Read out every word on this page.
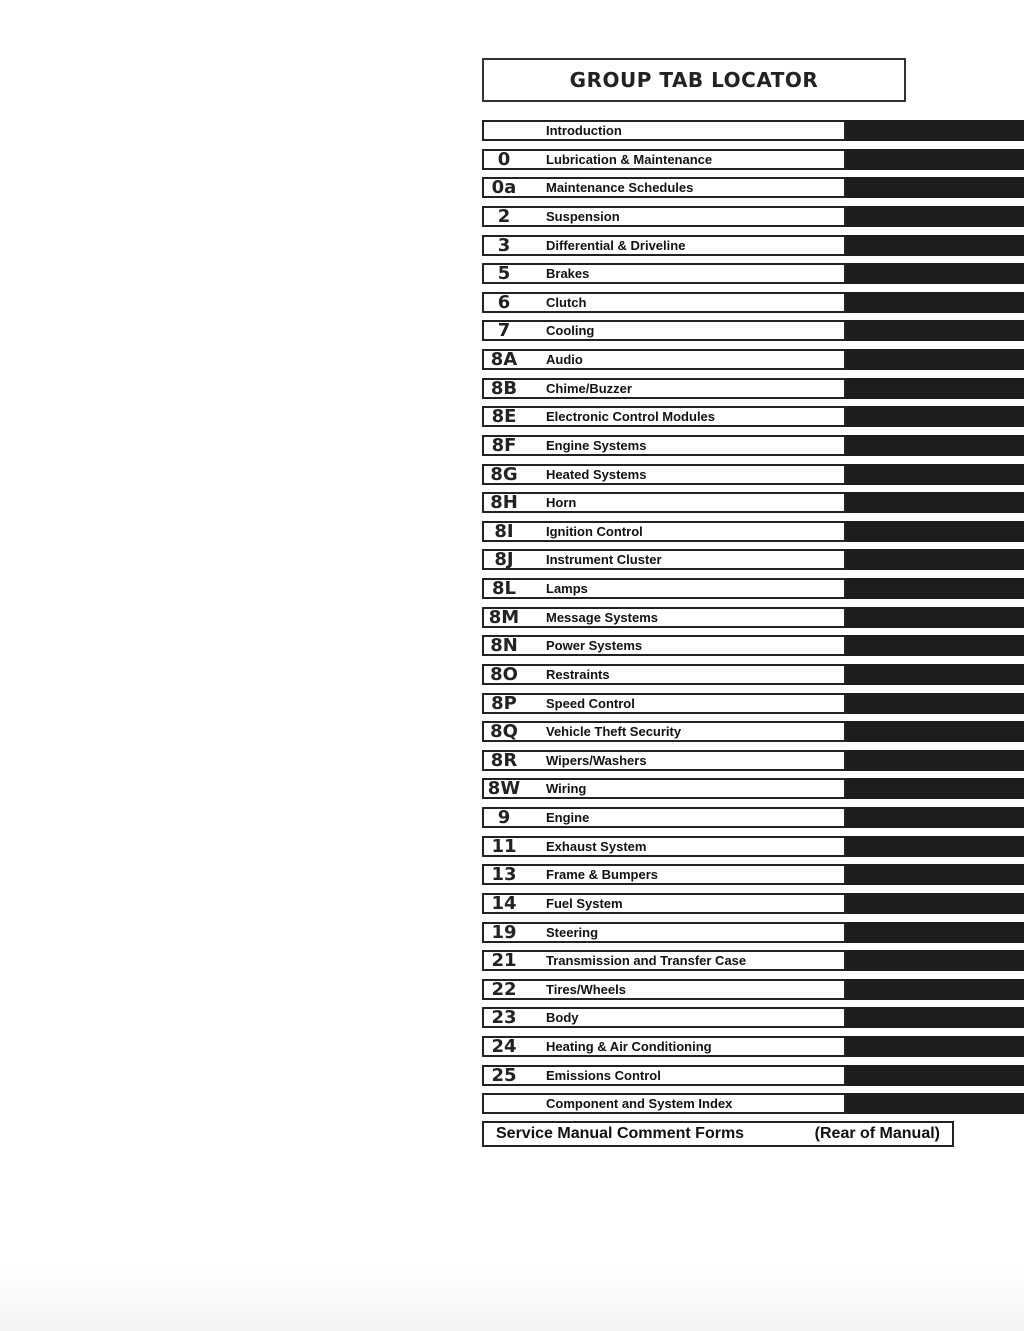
GROUP TAB LOCATOR
Introduction
0	Lubrication & Maintenance
0a	Maintenance Schedules
2	Suspension
3	Differential & Driveline
5	Brakes
6	Clutch
7	Cooling
8A	Audio
8B	Chime/Buzzer
8E	Electronic Control Modules
8F	Engine Systems
8G	Heated Systems
8H	Horn
8I	Ignition Control
8J	Instrument Cluster
8L	Lamps
8M	Message Systems
8N	Power Systems
8O	Restraints
8P	Speed Control
8Q	Vehicle Theft Security
8R	Wipers/Washers
8W Wiring
9	Engine
11	Exhaust System
13	Frame & Bumpers
14	Fuel System
19	Steering
21	Transmission and Transfer Case
22	Tires/Wheels
23	Body
24	Heating & Air Conditioning
25	Emissions Control
Component and System Index
Service Manual Comment Forms	(Rear of Manual)
